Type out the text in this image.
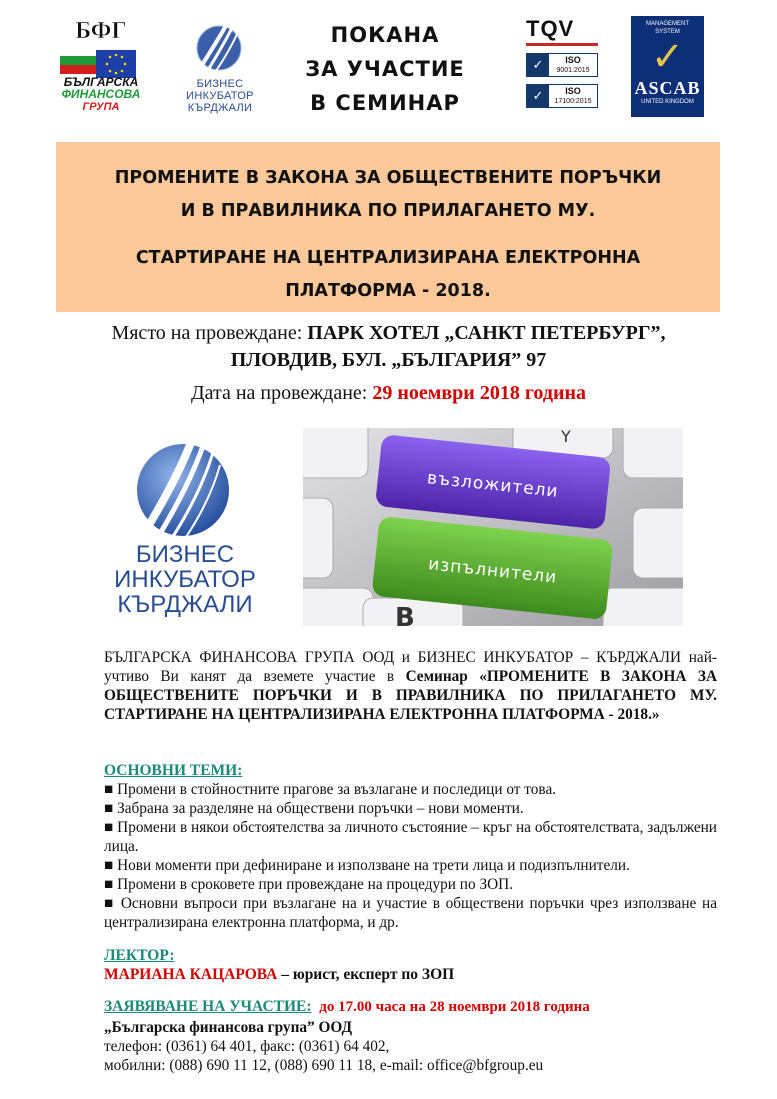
БФГ
БЪЛГАРСКА
ФИНАНСОВА
ГРУПА
БИЗНЕС
ИНКУБАТОР
КЪРДЖАЛИ
ПОКАНА
ЗА УЧАСТИЕ
В СЕМИНАР
TQV
✓	ISO
9001:2015
✓	ISO
17100:2015
MANAGEMENT
SYSTEM
✓
ASCAB
UNITED KINGDOM
ПРОМЕНИТЕ В ЗАКОНА ЗА ОБЩЕСТВЕНИТЕ ПОРЪЧКИ
И В ПРАВИЛНИКА ПО ПРИЛАГАНЕТО МУ.
СТАРТИРАНЕ НА ЦЕНТРАЛИЗИРАНА ЕЛЕКТРОННА
ПЛАТФОРМА - 2018.
Място на провеждане: ПАРК ХОТЕЛ „САНКТ ПЕТЕРБУРГ”,
ПЛОВДИВ, БУЛ. „БЪЛГАРИЯ” 97
Дата на провеждане: 29 ноември 2018 година
БИЗНЕС
ИНКУБАТОР
КЪРДЖАЛИ
Y
B
възложители
изпълнители
БЪЛГАРСКА ФИНАНСОВА ГРУПА ООД и БИЗНЕС ИНКУБАТОР – КЪРДЖАЛИ най-учтиво Ви канят да вземете участие в Семинар «ПРОМЕНИТЕ В ЗАКОНА ЗА ОБЩЕСТВЕНИТЕ ПОРЪЧКИ И В ПРАВИЛНИКА ПО ПРИЛАГАНЕТО МУ. СТАРТИРАНЕ НА ЦЕНТРАЛИЗИРАНА ЕЛЕКТРОННА ПЛАТФОРМА - 2018.»
ОСНОВНИ ТЕМИ:
■ Промени в стойностните прагове за възлагане и последици от това.
■ Забрана за разделяне на обществени поръчки – нови моменти.
■ Промени в някои обстоятелства за личното състояние – кръг на обстоятелствата, задължени лица.
■ Нови моменти при дефиниране и използване на трети лица и подизпълнители.
■ Промени в сроковете при провеждане на процедури по ЗОП.
■ Основни въпроси при възлагане на и участие в обществени поръчки чрез използване на централизирана електронна платформа, и др.
ЛЕКТОР:
МАРИАНА КАЦАРОВА – юрист, експерт по ЗОП
ЗАЯВЯВАНЕ НА УЧАСТИЕ: до 17.00 часа на 28 ноември 2018 година
„Българска финансова група” ООД
телефон: (0361) 64 401, факс: (0361) 64 402,
мобилни: (088) 690 11 12, (088) 690 11 18, e-mail: office@bfgroup.eu
